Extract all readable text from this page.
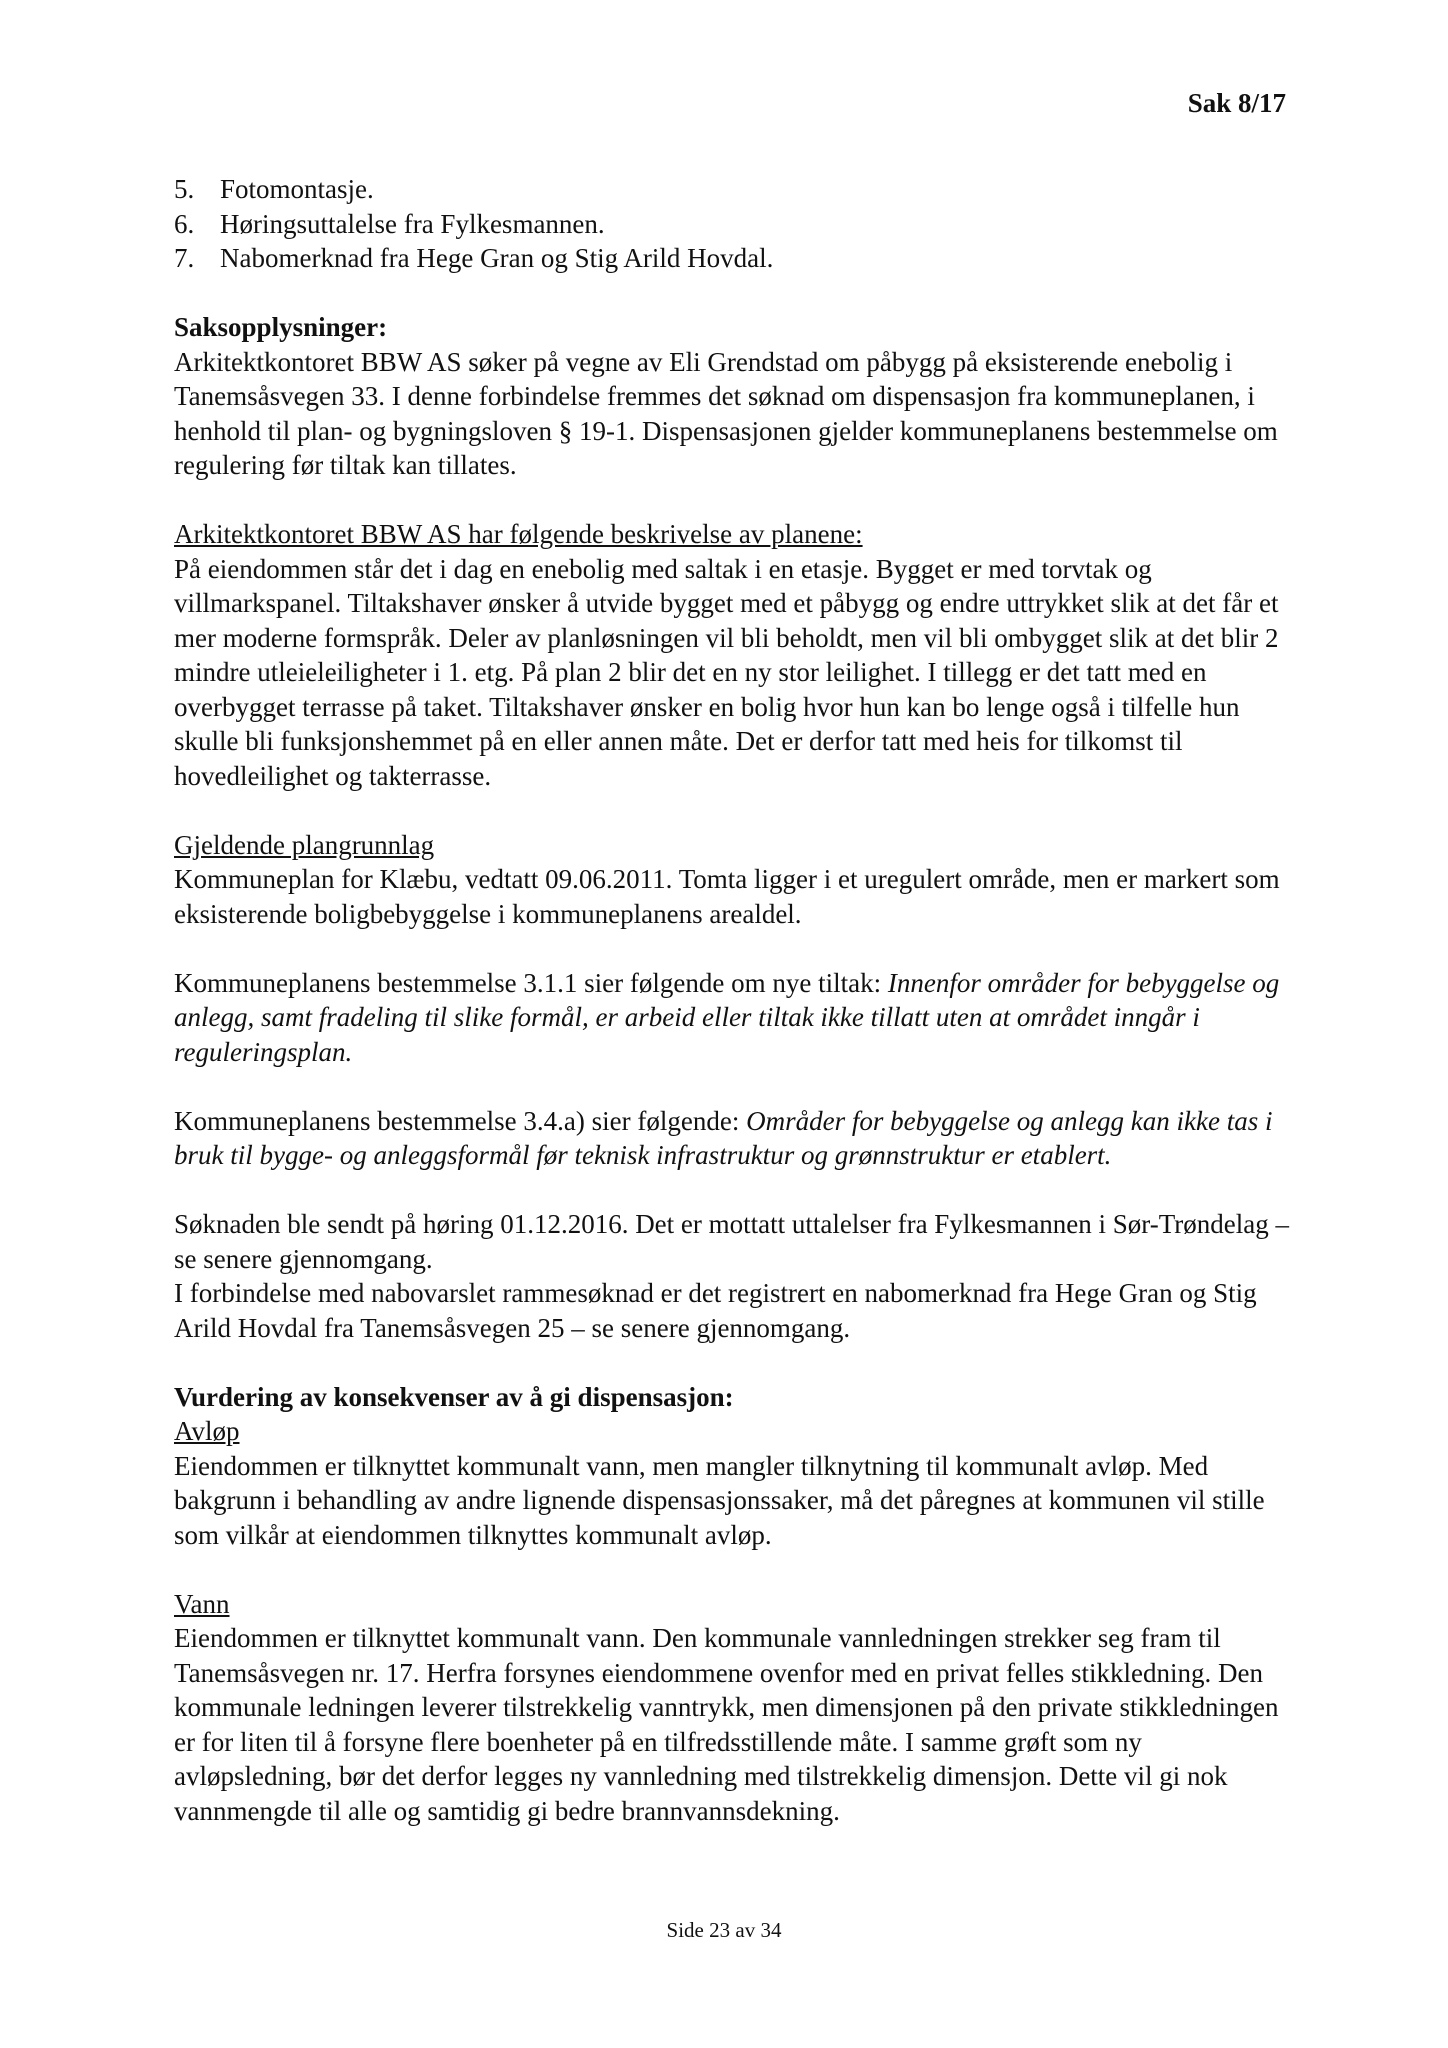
Sak 8/17
5. Fotomontasje.
6. Høringsuttalelse fra Fylkesmannen.
7. Nabomerknad fra Hege Gran og Stig Arild Hovdal.

Saksopplysninger:

Arkitektkontoret BBW AS søker på vegne av Eli Grendstad om påbygg på eksisterende enebolig i Tanemsåsvegen 33. I denne forbindelse fremmes det søknad om dispensasjon fra kommuneplanen, i henhold til plan- og bygningsloven § 19-1. Dispensasjonen gjelder kommuneplanens bestemmelse om regulering før tiltak kan tillates.

Arkitektkontoret BBW AS har følgende beskrivelse av planene:

På eiendommen står det i dag en enebolig med saltak i en etasje. Bygget er med torvtak og villmarkspanel. Tiltakshaver ønsker å utvide bygget med et påbygg og endre uttrykket slik at det får et mer moderne formspråk. Deler av planløsningen vil bli beholdt, men vil bli ombygget slik at det blir 2 mindre utleieleiligheter i 1. etg. På plan 2 blir det en ny stor leilighet. I tillegg er det tatt med en overbygget terrasse på taket. Tiltakshaver ønsker en bolig hvor hun kan bo lenge også i tilfelle hun skulle bli funksjonshemmet på en eller annen måte. Det er derfor tatt med heis for tilkomst til hovedleilighet og takterrasse.

Gjeldende plangrunnlag

Kommuneplan for Klæbu, vedtatt 09.06.2011. Tomta ligger i et uregulert område, men er markert som eksisterende boligbebyggelse i kommuneplanens arealdel.

Kommuneplanens bestemmelse 3.1.1 sier følgende om nye tiltak: Innenfor områder for bebyggelse og anlegg, samt fradeling til slike formål, er arbeid eller tiltak ikke tillatt uten at området inngår i reguleringsplan.

Kommuneplanens bestemmelse 3.4.a) sier følgende: Områder for bebyggelse og anlegg kan ikke tas i bruk til bygge- og anleggsformål før teknisk infrastruktur og grønnstruktur er etablert.

Søknaden ble sendt på høring 01.12.2016. Det er mottatt uttalelser fra Fylkesmannen i Sør-Trøndelag – se senere gjennomgang.

I forbindelse med nabovarslet rammesøknad er det registrert en nabomerknad fra Hege Gran og Stig Arild Hovdal fra Tanemsåsvegen 25 – se senere gjennomgang.

Vurdering av konsekvenser av å gi dispensasjon:

Avløp

Eiendommen er tilknyttet kommunalt vann, men mangler tilknytning til kommunalt avløp. Med bakgrunn i behandling av andre lignende dispensasjonssaker, må det påregnes at kommunen vil stille som vilkår at eiendommen tilknyttes kommunalt avløp.

Vann

Eiendommen er tilknyttet kommunalt vann. Den kommunale vannledningen strekker seg fram til Tanemsåsvegen nr. 17. Herfra forsynes eiendommene ovenfor med en privat felles stikkledning. Den kommunale ledningen leverer tilstrekkelig vanntrykk, men dimensjonen på den private stikkledningen er for liten til å forsyne flere boenheter på en tilfredsstillende måte. I samme grøft som ny avløpsledning, bør det derfor legges ny vannledning med tilstrekkelig dimensjon. Dette vil gi nok vannmengde til alle og samtidig gi bedre brannvannsdekning.

Side 23 av 34
